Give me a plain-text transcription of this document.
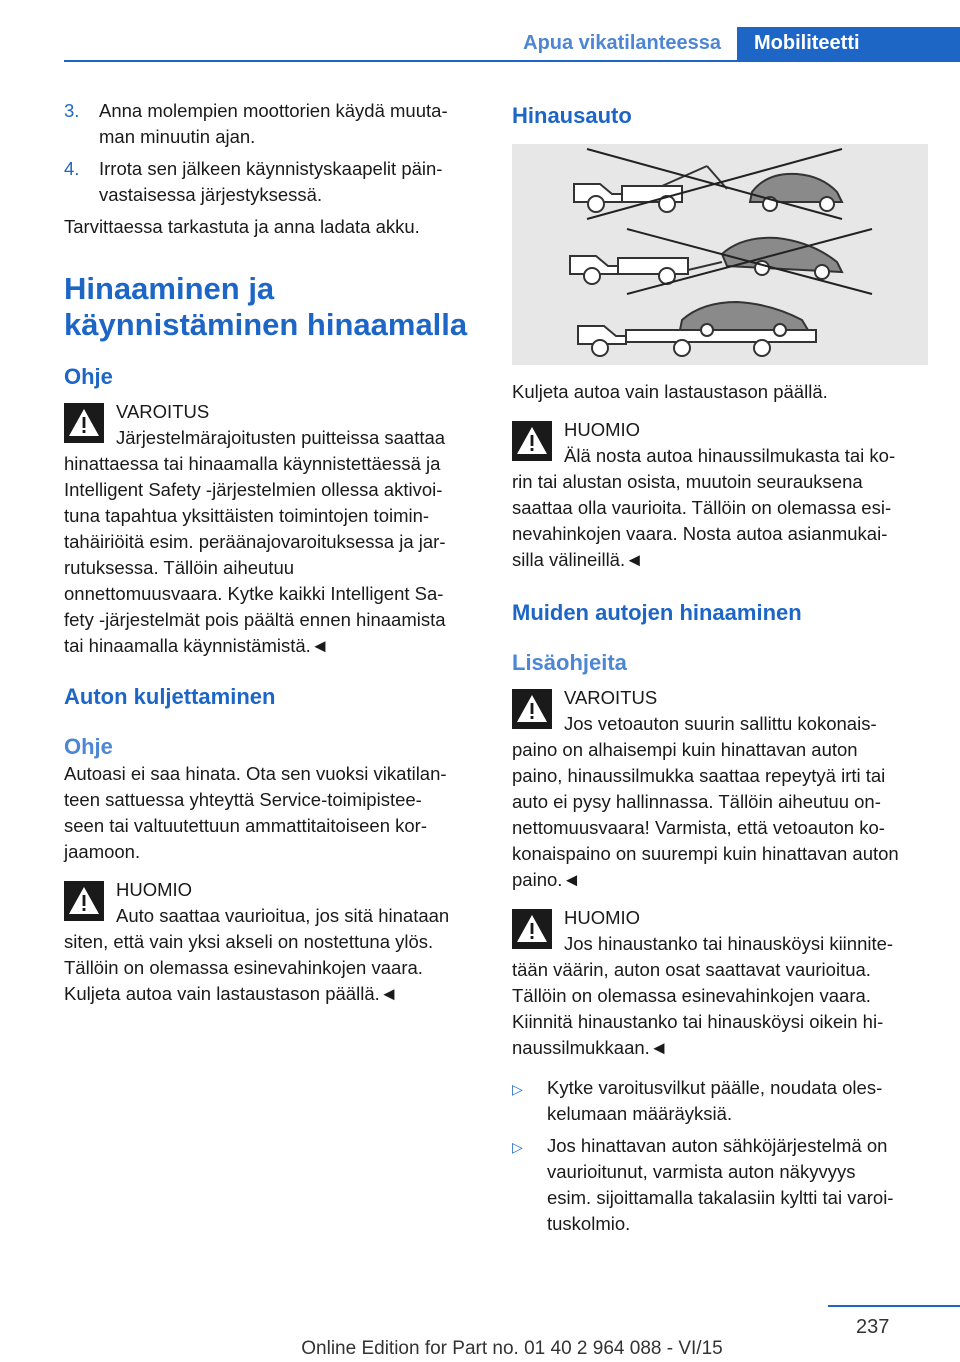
Apua vikatilanteessa	Mobiliteetti
3.	Anna molempien moottorien käydä muuta-
man minuutin ajan.
4.	Irrota sen jälkeen käynnistyskaapelit päin-
vastaisessa järjestyksessä.

Tarvittaessa tarkastuta ja anna ladata akku.

Hinaaminen ja
käynnistäminen hinaamalla
Ohje
VAROITUS
Järjestelmärajoitusten puitteissa saattaa
hinattaessa tai hinaamalla käynnistettäessä ja
Intelligent Safety -järjestelmien ollessa aktivoi-
tuna tapahtua yksittäisten toimintojen toimin-
tahäiriöitä esim. peräänajovaroituksessa ja jar-
rutuksessa. Tällöin aiheutuu
onnettomuusvaara. Kytke kaikki Intelligent Sa-
fety -järjestelmät pois päältä ennen hinaamista
tai hinaamalla käynnistämistä.◄
Auton kuljettaminen
Ohje
Autoasi ei saa hinata. Ota sen vuoksi vikatilan-
teen sattuessa yhteyttä Service-toimipistee-
seen tai valtuutettuun ammattitaitoiseen kor-
jaamoon.
HUOMIO
Auto saattaa vaurioitua, jos sitä hinataan
siten, että vain yksi akseli on nostettuna ylös.
Tällöin on olemassa esinevahinkojen vaara.
Kuljeta autoa vain lastaustason päällä.◄
Hinausauto

Kuljeta autoa vain lastaustason päällä.

HUOMIO
Älä nosta autoa hinaussilmukasta tai ko-
rin tai alustan osista, muutoin seurauksena
saattaa olla vaurioita. Tällöin on olemassa esi-
nevahinkojen vaara. Nosta autoa asianmukai-
silla välineillä.◄
Muiden autojen hinaaminen
Lisäohjeita
VAROITUS
Jos vetoauton suurin sallittu kokonais-
paino on alhaisempi kuin hinattavan auton
paino, hinaussilmukka saattaa repeytyä irti tai
auto ei pysy hallinnassa. Tällöin aiheutuu on-
nettomuusvaara! Varmista, että vetoauton ko-
konaispaino on suurempi kuin hinattavan auton
paino.◄
HUOMIO
Jos hinaustanko tai hinausköysi kiinnite-
tään väärin, auton osat saattavat vaurioitua.
Tällöin on olemassa esinevahinkojen vaara.
Kiinnitä hinaustanko tai hinausköysi oikein hi-
naussilmukkaan.◄
▷	Kytke varoitusvilkut päälle, noudata oles-
kelumaan määräyksiä.
▷	Jos hinattavan auton sähköjärjestelmä on
vaurioitunut, varmista auton näkyvyys
esim. sijoittamalla takalasiin kyltti tai varoi-
tuskolmio.
237
Online Edition for Part no. 01 40 2 964 088 - VI/15
